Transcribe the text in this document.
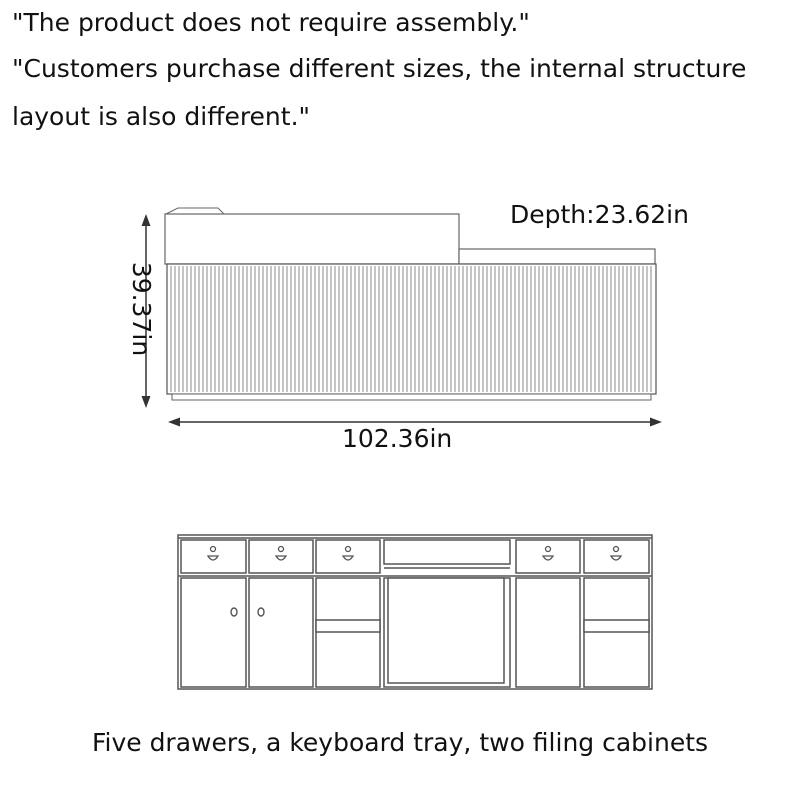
"The product does not require assembly."

"Customers purchase different sizes, the internal structure

layout is also different."

Depth:23.62in
39.37in
102.36in
Five drawers, a keyboard tray, two filing cabinets
